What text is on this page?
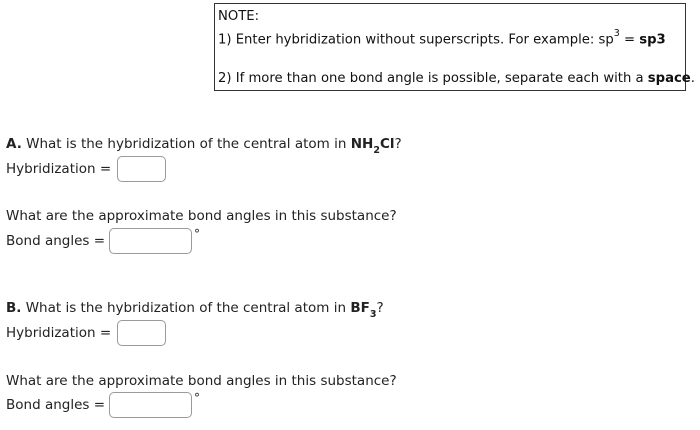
NOTE:
1) Enter hybridization without superscripts. For example: $sp^3 = sp3$
2) If more than one bond angle is possible, separate each with a space.
A. What is the hybridization of the central atom in $NH_2Cl$?
Hybridization =
What are the approximate bond angles in this substance?
Bond angles =	°
B. What is the hybridization of the central atom in $BF_3$?
Hybridization =
What are the approximate bond angles in this substance?
Bond angles =	°
